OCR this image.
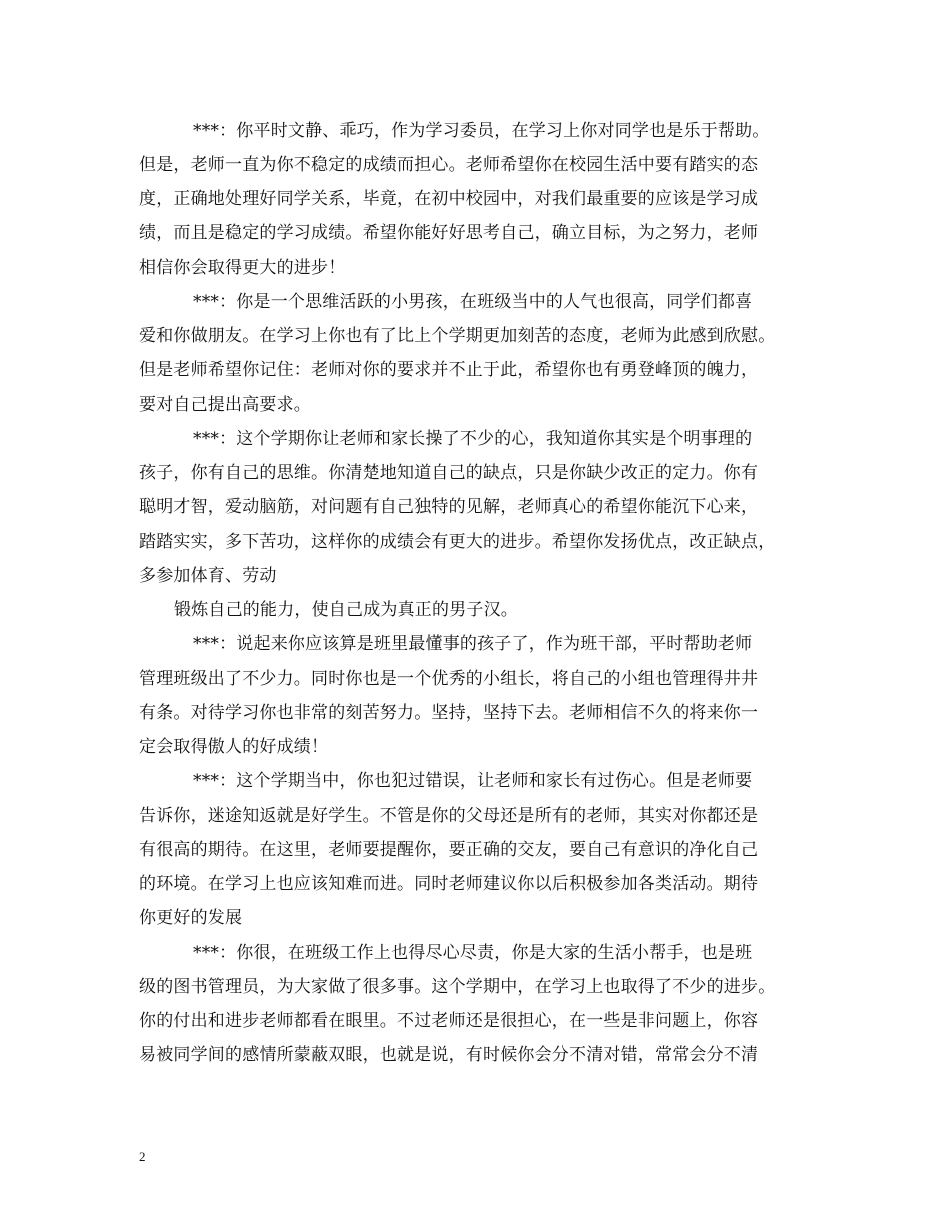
***：你平时文静、乖巧，作为学习委员，在学习上你对同学也是乐于帮助。
但是，老师一直为你不稳定的成绩而担心。老师希望你在校园生活中要有踏实的态
度，正确地处理好同学关系，毕竟，在初中校园中，对我们最重要的应该是学习成
绩，而且是稳定的学习成绩。希望你能好好思考自己，确立目标，为之努力，老师
相信你会取得更大的进步！
***：你是一个思维活跃的小男孩，在班级当中的人气也很高，同学们都喜
爱和你做朋友。在学习上你也有了比上个学期更加刻苦的态度，老师为此感到欣慰。
但是老师希望你记住：老师对你的要求并不止于此，希望你也有勇登峰顶的魄力，
要对自己提出高要求。
***：这个学期你让老师和家长操了不少的心，我知道你其实是个明事理的
孩子，你有自己的思维。你清楚地知道自己的缺点，只是你缺少改正的定力。你有
聪明才智，爱动脑筋，对问题有自己独特的见解，老师真心的希望你能沉下心来，
踏踏实实，多下苦功，这样你的成绩会有更大的进步。希望你发扬优点，改正缺点，
多参加体育、劳动
锻炼自己的能力，使自己成为真正的男子汉。
***：说起来你应该算是班里最懂事的孩子了，作为班干部，平时帮助老师
管理班级出了不少力。同时你也是一个优秀的小组长，将自己的小组也管理得井井
有条。对待学习你也非常的刻苦努力。坚持，坚持下去。老师相信不久的将来你一
定会取得傲人的好成绩！
***：这个学期当中，你也犯过错误，让老师和家长有过伤心。但是老师要
告诉你，迷途知返就是好学生。不管是你的父母还是所有的老师，其实对你都还是
有很高的期待。在这里，老师要提醒你，要正确的交友，要自己有意识的净化自己
的环境。在学习上也应该知难而进。同时老师建议你以后积极参加各类活动。期待
你更好的发展
***：你很，在班级工作上也得尽心尽责，你是大家的生活小帮手，也是班
级的图书管理员，为大家做了很多事。这个学期中，在学习上也取得了不少的进步。
你的付出和进步老师都看在眼里。不过老师还是很担心，在一些是非问题上，你容
易被同学间的感情所蒙蔽双眼，也就是说，有时候你会分不清对错，常常会分不清
2
